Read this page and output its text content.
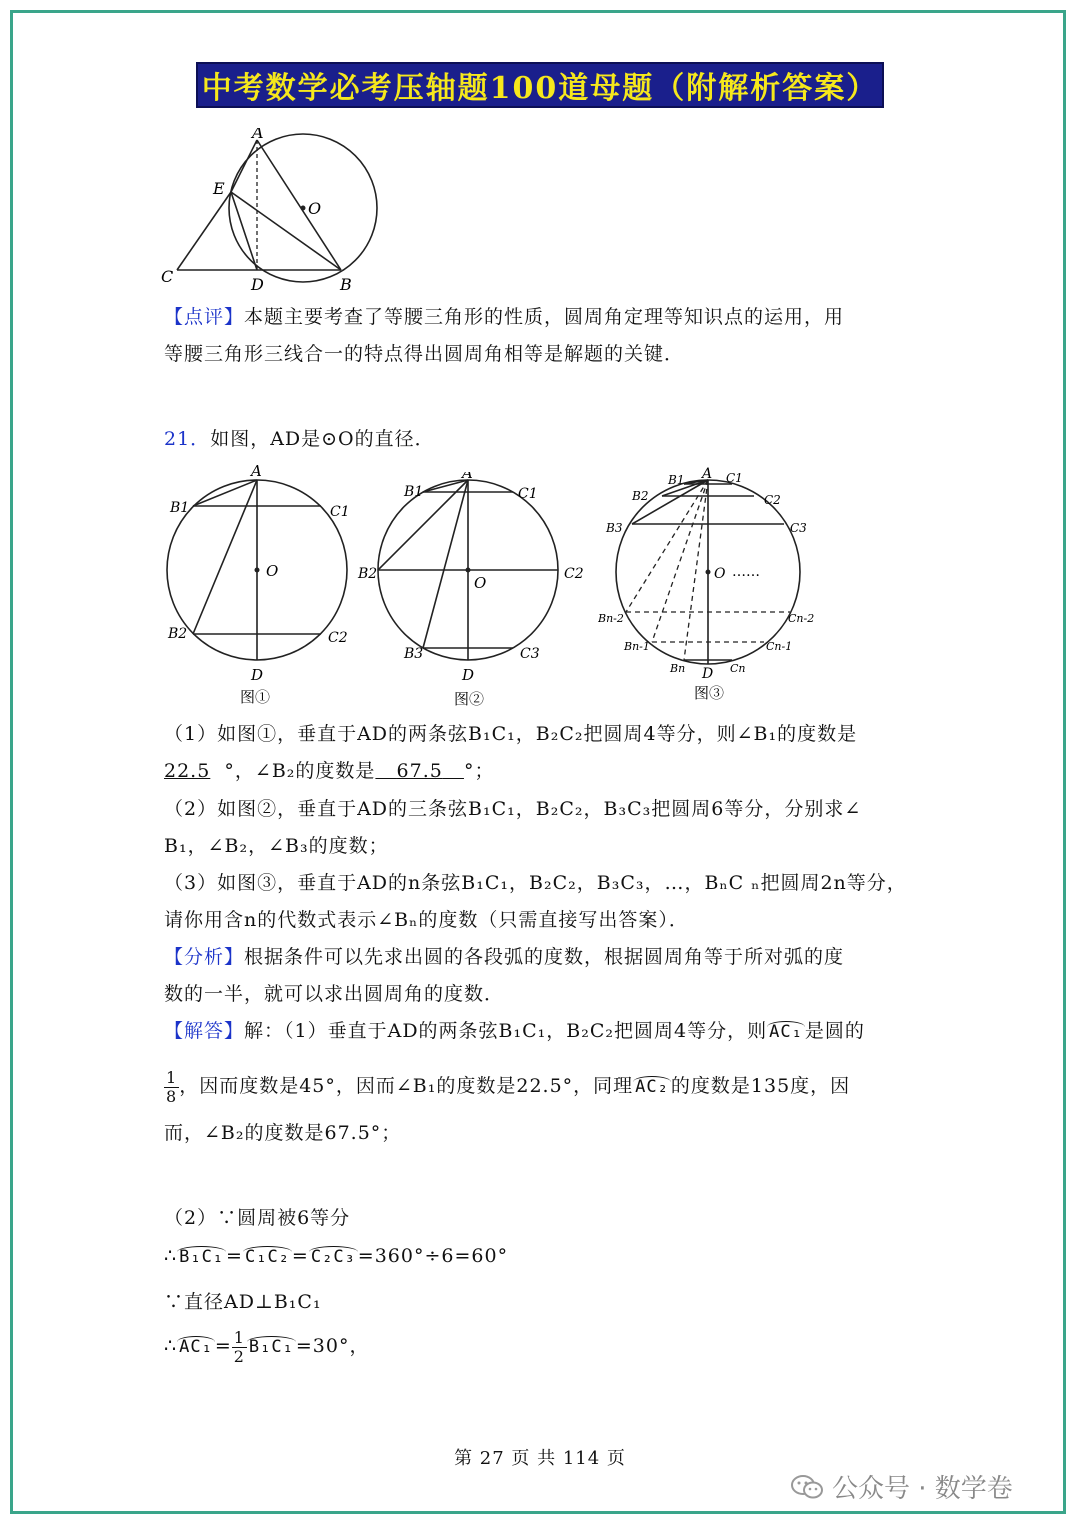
中考数学必考压轴题100道母题（附解析答案）
A
E
O
C	D	B
【点评】本题主要考查了等腰三角形的性质，圆周角定理等知识点的运用，用
等腰三角形三线合一的特点得出圆周角相等是解题的关键．
21．如图，AD是⊙O的直径．
A
B1	C1
O
B2	C2
D
图①
B1
A
C1
B2	O	C2
B3
D
C3
图②
B1 A C1
B2	C2
B3	C3
O ……
Bn-2	Cn-2
Bn-1	Cn-1
Bn D Cn
图③
（1）如图①，垂直于AD的两条弦B₁C₁，B₂C₂把圆周4等分，则∠B₁的度数是
22.5 °，∠B₂的度数是 67.5 °；
（2）如图②，垂直于AD的三条弦B₁C₁，B₂C₂，B₃C₃把圆周6等分，分别求∠
B₁，∠B₂，∠B₃的度数；
（3）如图③，垂直于AD的n条弦B₁C₁，B₂C₂，B₃C₃，…，BₙC ₙ把圆周2n等分，
请你用含n的代数式表示∠Bₙ的度数（只需直接写出答案）．
【分析】根据条件可以先求出圆的各段弧的度数，根据圆周角等于所对弧的度
数的一半，就可以求出圆周角的度数．
【解答】解：（1）垂直于AD的两条弦B₁C₁，B₂C₂把圆周4等分，则 AC₁ 是圆的
$\frac{1}{8}$ ，因而度数是45°，因而∠B₁的度数是22.5°，同理 AC₂ 的度数是135度，因
而，∠B₂的度数是67.5°；
（2）∵圆周被6等分
∴ B₁C₁ = C₁C₂ = C₂C₃ =360°÷6=60°
∵直径AD⊥B₁C₁
∴ $AC_1 = \frac{1}{2} B_1C_1 =30^\circ$，
第 27 页 共 114 页
公众号 · 数学卷
